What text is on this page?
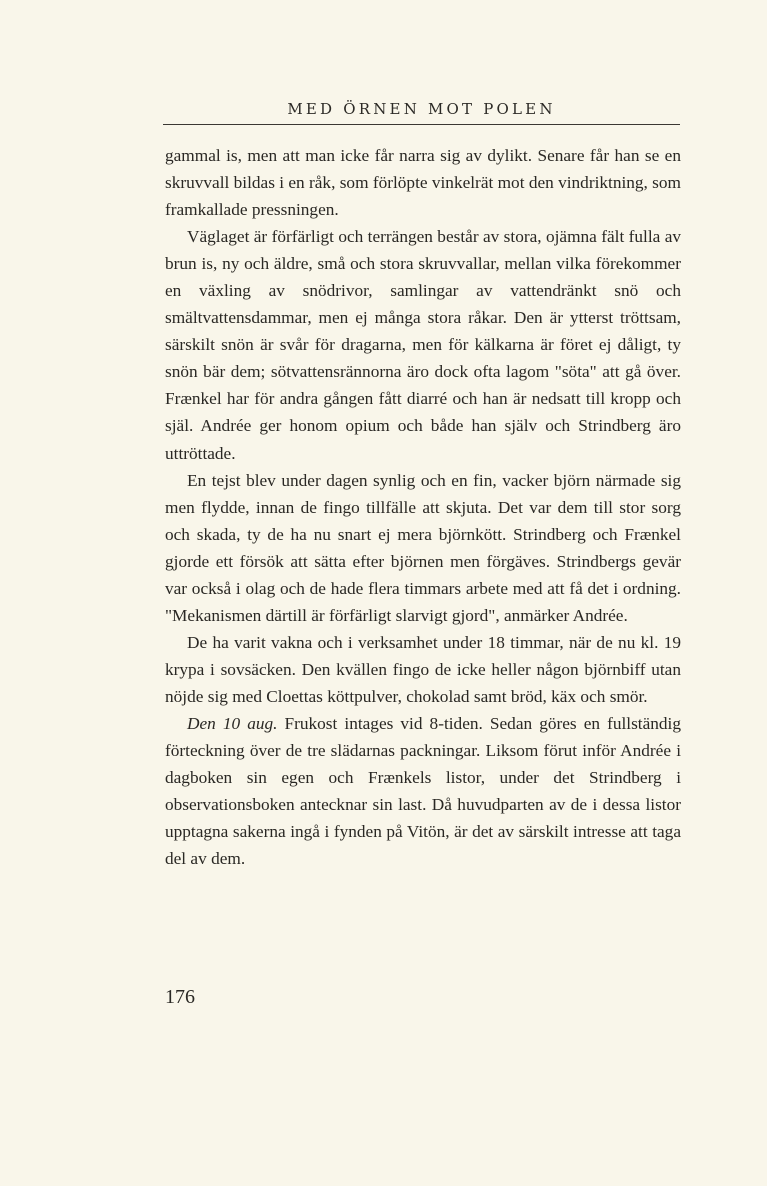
MED ÖRNEN MOT POLEN

gammal is, men att man icke får narra sig av dylikt. Senare får han se en skruvvall bildas i en råk, som förlöpte vinkelrät mot den vindriktning, som framkallade pressningen.

Väglaget är förfärligt och terrängen består av stora, ojämna fält fulla av brun is, ny och äldre, små och stora skruvvallar, mellan vilka förekommer en växling av snödrivor, samlingar av vattendränkt snö och smältvattensdammar, men ej många stora råkar. Den är ytterst tröttsam, särskilt snön är svår för dragarna, men för kälkarna är föret ej dåligt, ty snön bär dem; sötvattensrännorna äro dock ofta lagom "söta" att gå över. Frænkel har för andra gången fått diarré och han är nedsatt till kropp och själ. Andrée ger honom opium och både han själv och Strindberg äro uttröttade.

En tejst blev under dagen synlig och en fin, vacker björn närmade sig men flydde, innan de fingo tillfälle att skjuta. Det var dem till stor sorg och skada, ty de ha nu snart ej mera björnkött. Strindberg och Frænkel gjorde ett försök att sätta efter björnen men förgäves. Strindbergs gevär var också i olag och de hade flera timmars arbete med att få det i ordning. "Mekanismen därtill är förfärligt slarvigt gjord", anmärker Andrée.

De ha varit vakna och i verksamhet under 18 timmar, när de nu kl. 19 krypa i sovsäcken. Den kvällen fingo de icke heller någon björnbiff utan nöjde sig med Cloettas köttpulver, chokolad samt bröd, käx och smör.

Den 10 aug. Frukost intages vid 8-tiden. Sedan göres en fullständig förteckning över de tre slädarnas packningar. Liksom förut inför Andrée i dagboken sin egen och Frænkels listor, under det Strindberg i observationsboken antecknar sin last. Då huvudparten av de i dessa listor upptagna sakerna ingå i fynden på Vitön, är det av särskilt intresse att taga del av dem.

176
